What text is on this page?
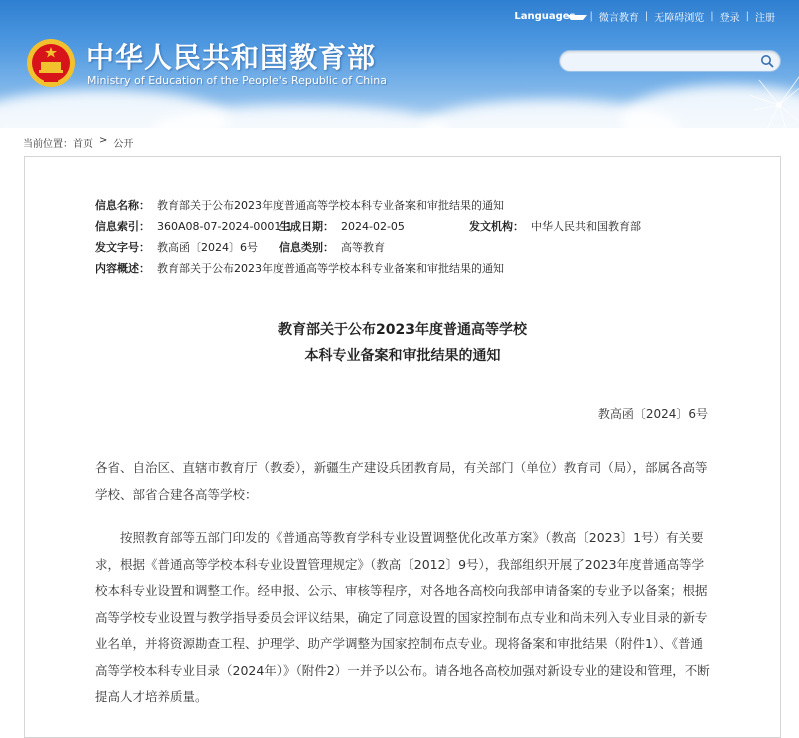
Languages	| 微言教育 | 无障碍浏览 | 登录 | 注册
中华人民共和国教育部
Ministry of Education of the People's Republic of China
当前位置： 首页 > 公开
信息名称： 教育部关于公布2023年度普通高等学校本科专业备案和审批结果的通知
信息索引： 360A08-07-2024-0001-1
生成日期： 2024-02-05	发文机构： 中华人民共和国教育部
发文字号： 教高函〔2024〕6号 信息类别： 高等教育
内容概述： 教育部关于公布2023年度普通高等学校本科专业备案和审批结果的通知
教育部关于公布2023年度普通高等学校
本科专业备案和审批结果的通知
教高函〔2024〕6号
各省、自治区、直辖市教育厅（教委），新疆生产建设兵团教育局，有关部门（单位）教育司（局），部属各高等学校、部省合建各高等学校：
按照教育部等五部门印发的《普通高等教育学科专业设置调整优化改革方案》（教高〔2023〕1号）有关要求，根据《普通高等学校本科专业设置管理规定》（教高〔2012〕9号），我部组织开展了2023年度普通高等学校本科专业设置和调整工作。经申报、公示、审核等程序，对各地各高校向我部申请备案的专业予以备案；根据高等学校专业设置与教学指导委员会评议结果，确定了同意设置的国家控制布点专业和尚未列入专业目录的新专业名单，并将资源勘查工程、护理学、助产学调整为国家控制布点专业。现将备案和审批结果（附件1）、《普通高等学校本科专业目录（2024年）》（附件2）一并予以公布。请各地各高校加强对新设专业的建设和管理，不断提高人才培养质量。
